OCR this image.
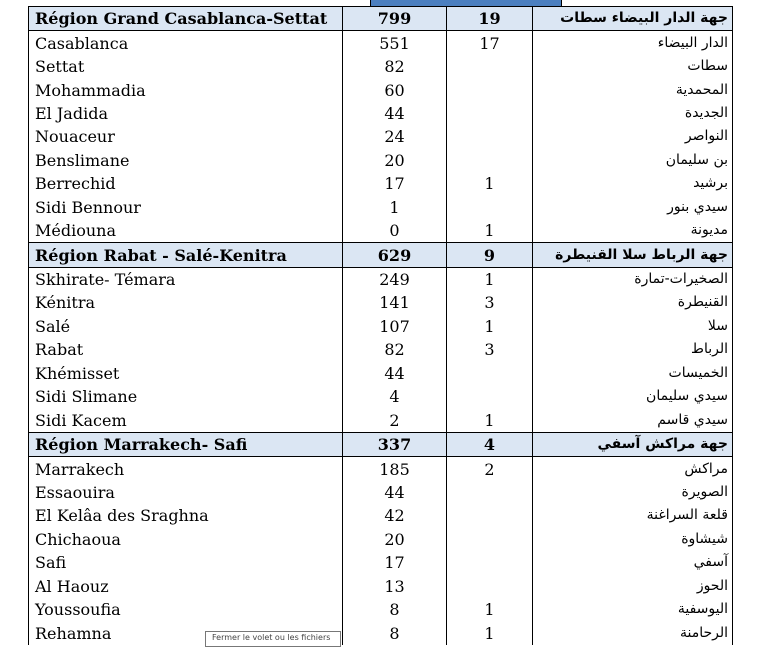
Région Grand Casablanca-Settat	799	19	جهة الدار البيضاء سطات
Casablanca	551	17	الدار البيضاء
Settat	82		سطات
Mohammadia	60		المحمدية
El Jadida	44		الجديدة
Nouaceur	24		النواصر
Benslimane	20		بن سليمان
Berrechid	17	1	برشيد
Sidi Bennour	1		سيدي بنور
Médiouna	0	1	مديونة
Région Rabat - Salé-Kenitra	629	9	جهة الرباط سلا القنيطرة
Skhirate- Témara	249	1	الصخيرات-تمارة
Kénitra	141	3	القنيطرة
Salé	107	1	سلا
Rabat	82	3	الرباط
Khémisset	44		الخميسات
Sidi Slimane	4		سيدي سليمان
Sidi Kacem	2	1	سيدي قاسم
Région Marrakech- Safi	337	4	جهة مراكش آسفي
Marrakech	185	2	مراكش
Essaouira	44		الصويرة
El Kelâa des Sraghna	42		قلعة السراغنة
Chichaoua	20		شيشاوة
Safi	17		آسفي
Al Haouz	13		الحوز
Youssoufia	8	1	اليوسفية
Rehamna	8	1	الرحامنة
Fermer le volet ou les fichiers
